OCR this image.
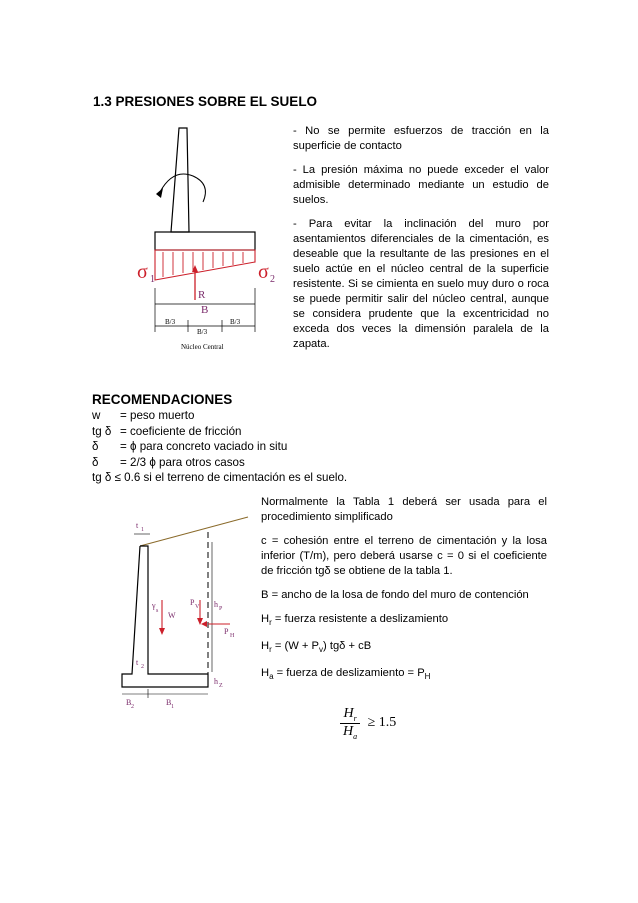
1.3 PRESIONES SOBRE EL SUELO
R
σ 1	σ 2
B
B/3
B/3
B/3
Núcleo Central

- No se permite esfuerzos de tracción en la superficie de contacto

- La presión máxima no puede exceder el valor admisible determinado mediante un estudio de suelos.

- Para evitar la inclinación del muro por asentamientos diferenciales de la cimentación, es deseable que la resultante de las presiones en el suelo actúe en el núcleo central de la superficie resistente. Si se cimienta en suelo muy duro o roca se puede permitir salir del núcleo central, aunque se considera prudente que la excentricidad no exceda dos veces la dimensión paralela de la zapata.

RECOMENDACIONES
w = peso muerto
tg δ = coeficiente de fricción
δ = ϕ para concreto vaciado in situ
δ = 2/3 ϕ para otros casos
tg δ ≤ 0.6 si el terreno de cimentación es el suelo.
t 1
γ
s W
P V h P
P H
t 2
h Z
B 2	B 1

Normalmente la Tabla 1 deberá ser usada para el procedimiento simplificado

c = cohesión entre el terreno de cimentación y la losa inferior (T/m), pero deberá usarse c = 0 si el coeficiente de fricción tgδ se obtiene de la tabla 1.

B = ancho de la losa de fondo del muro de contención

$H_r$ = fuerza resistente a deslizamiento

$H_r = (W + P_v) tg\delta$ + cB

$H_a$ = fuerza de deslizamiento = $P_H$

$\frac{H_r}{H_a} \ge 1.5$
